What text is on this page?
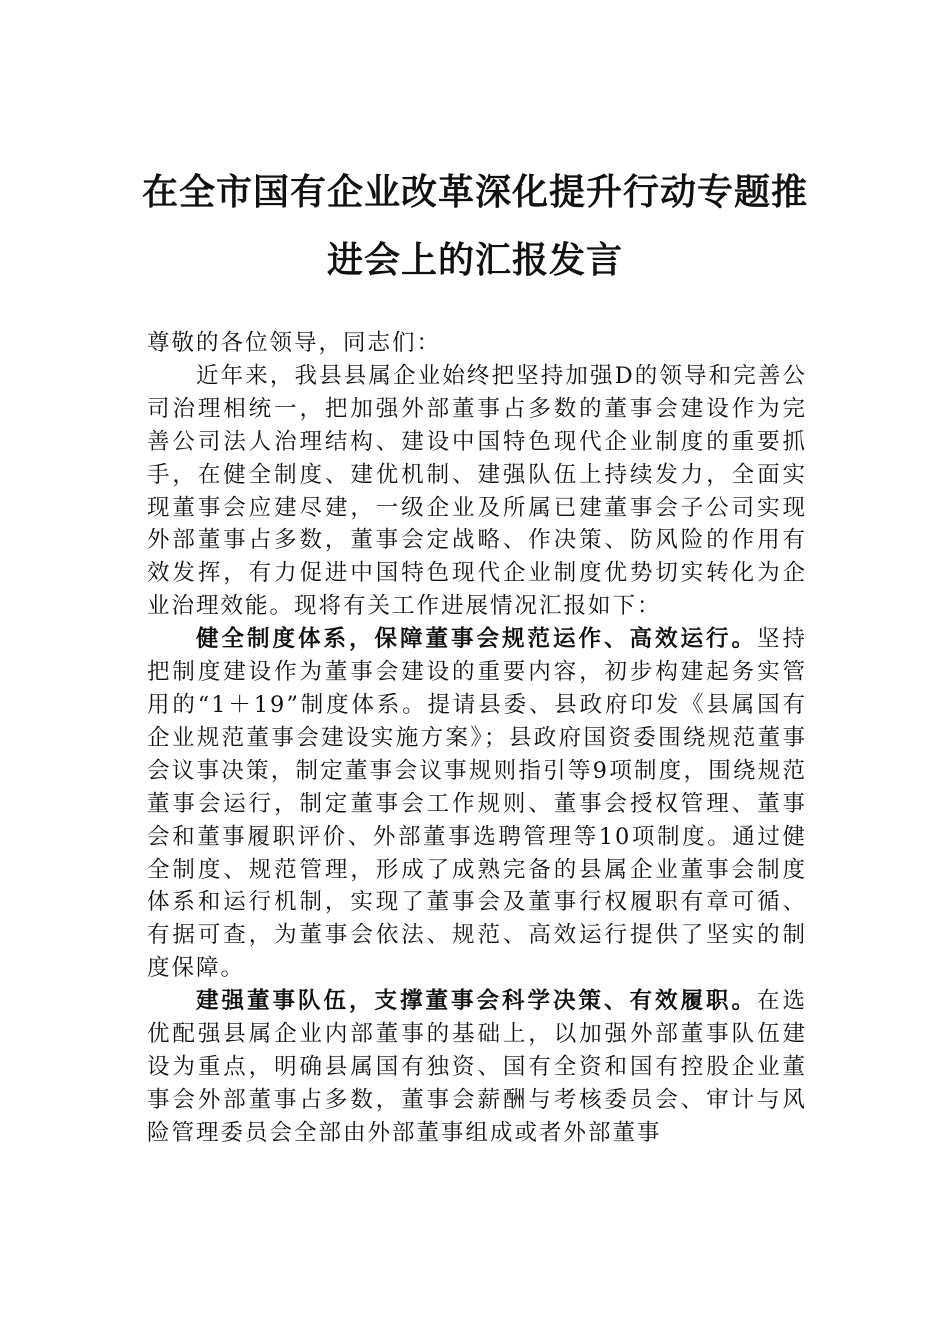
在全市国有企业改革深化提升行动专题推
进会上的汇报发言

尊敬的各位领导，同志们：

近年来，我县县属企业始终把坚持加强D的领导和完善公司治理相统一，把加强外部董事占多数的董事会建设作为完善公司法人治理结构、建设中国特色现代企业制度的重要抓手，在健全制度、建优机制、建强队伍上持续发力，全面实现董事会应建尽建，一级企业及所属已建董事会子公司实现外部董事占多数，董事会定战略、作决策、防风险的作用有效发挥，有力促进中国特色现代企业制度优势切实转化为企业治理效能。现将有关工作进展情况汇报如下：

健全制度体系，保障董事会规范运作、高效运行。坚持把制度建设作为董事会建设的重要内容，初步构建起务实管用的“1＋19”制度体系。提请县委、县政府印发《县属国有企业规范董事会建设实施方案》；县政府国资委围绕规范董事会议事决策，制定董事会议事规则指引等9项制度，围绕规范董事会运行，制定董事会工作规则、董事会授权管理、董事会和董事履职评价、外部董事选聘管理等10项制度。通过健全制度、规范管理，形成了成熟完备的县属企业董事会制度体系和运行机制，实现了董事会及董事行权履职有章可循、有据可查，为董事会依法、规范、高效运行提供了坚实的制度保障。

建强董事队伍，支撑董事会科学决策、有效履职。在选优配强县属企业内部董事的基础上，以加强外部董事队伍建设为重点，明确县属国有独资、国有全资和国有控股企业董事会外部董事占多数，董事会薪酬与考核委员会、审计与风险管理委员会全部由外部董事组成或者外部董事
